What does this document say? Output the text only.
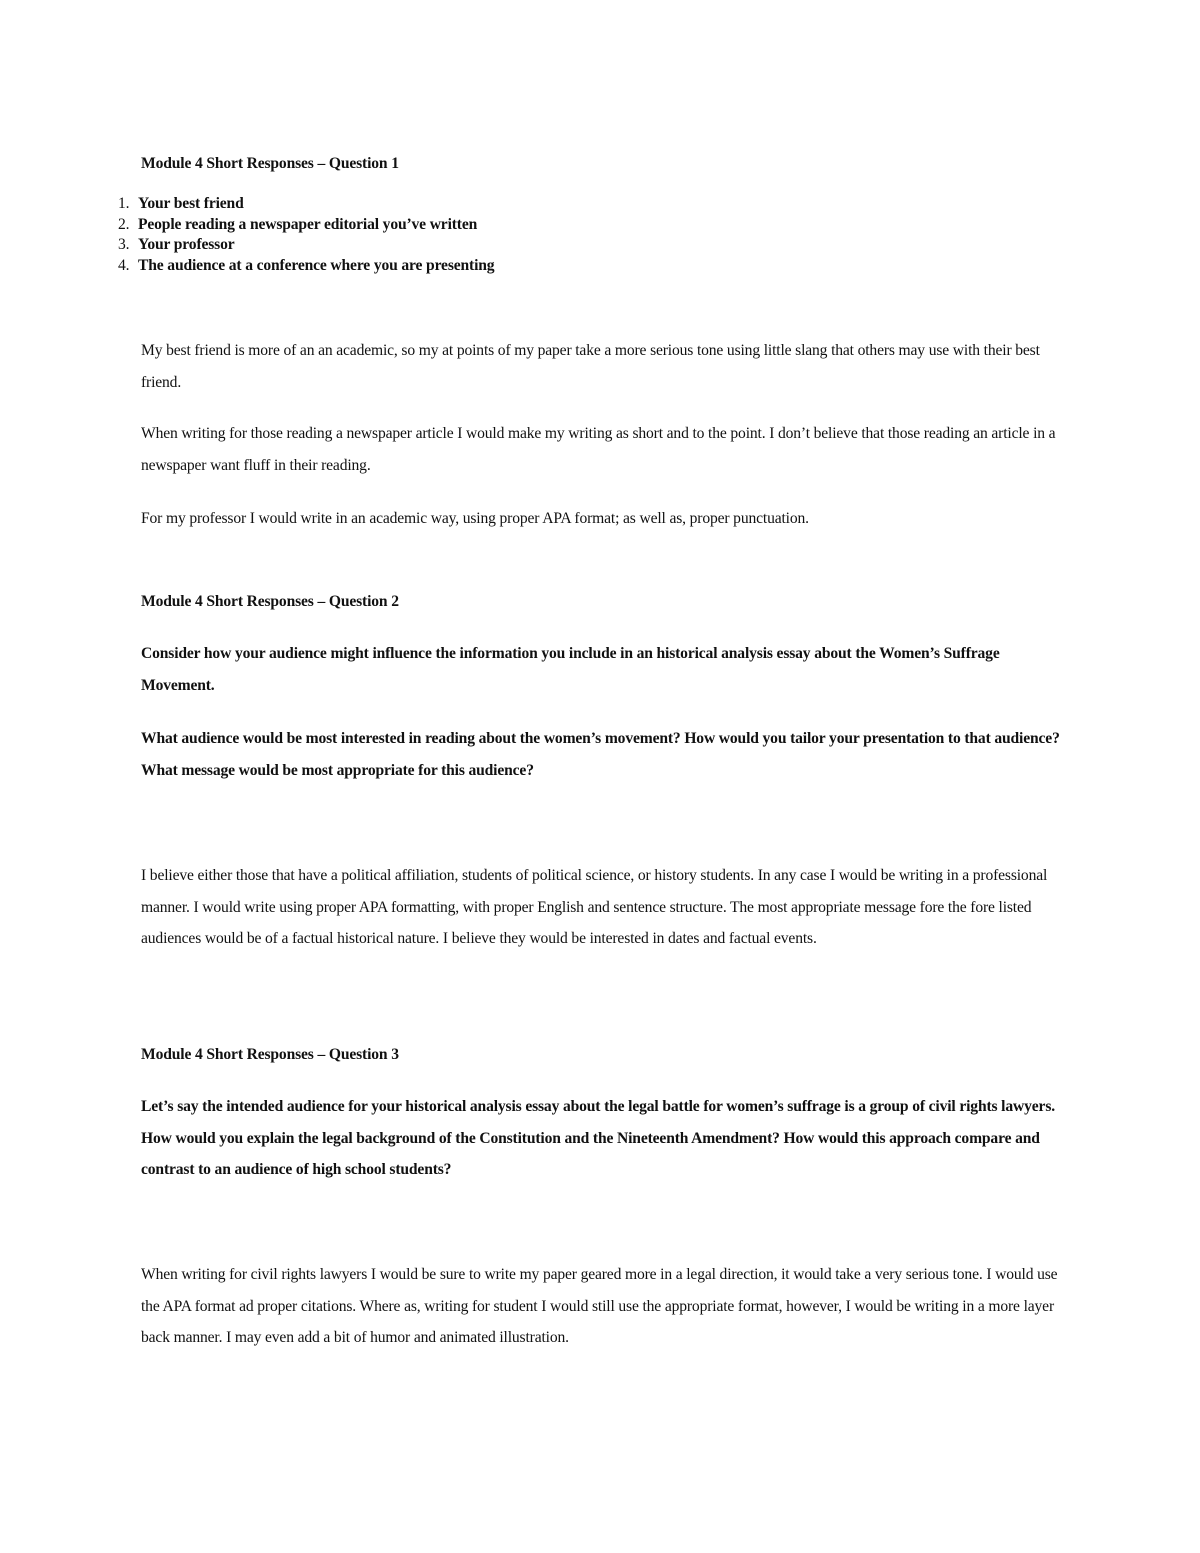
Module 4 Short Responses – Question 1
1. Your best friend
2. People reading a newspaper editorial you’ve written
3. Your professor
4. The audience at a conference where you are presenting

My best friend is more of an an academic, so my at points of my paper take a more serious tone using little slang that others may use with their best friend.

When writing for those reading a newspaper article I would make my writing as short and to the point. I don’t believe that those reading an article in a newspaper want fluff in their reading.

For my professor I would write in an academic way, using proper APA format; as well as, proper punctuation.

Module 4 Short Responses – Question 2

Consider how your audience might influence the information you include in an historical analysis essay about the Women’s Suffrage Movement.

What audience would be most interested in reading about the women’s movement? How would you tailor your presentation to that audience? What message would be most appropriate for this audience?

I believe either those that have a political affiliation, students of political science, or history students. In any case I would be writing in a professional manner. I would write using proper APA formatting, with proper English and sentence structure. The most appropriate message fore the fore listed audiences would be of a factual historical nature. I believe they would be interested in dates and factual events.

Module 4 Short Responses – Question 3

Let’s say the intended audience for your historical analysis essay about the legal battle for women’s suffrage is a group of civil rights lawyers. How would you explain the legal background of the Constitution and the Nineteenth Amendment? How would this approach compare and contrast to an audience of high school students?

When writing for civil rights lawyers I would be sure to write my paper geared more in a legal direction, it would take a very serious tone. I would use the APA format ad proper citations. Where as, writing for student I would still use the appropriate format, however, I would be writing in a more layer back manner. I may even add a bit of humor and animated illustration.
